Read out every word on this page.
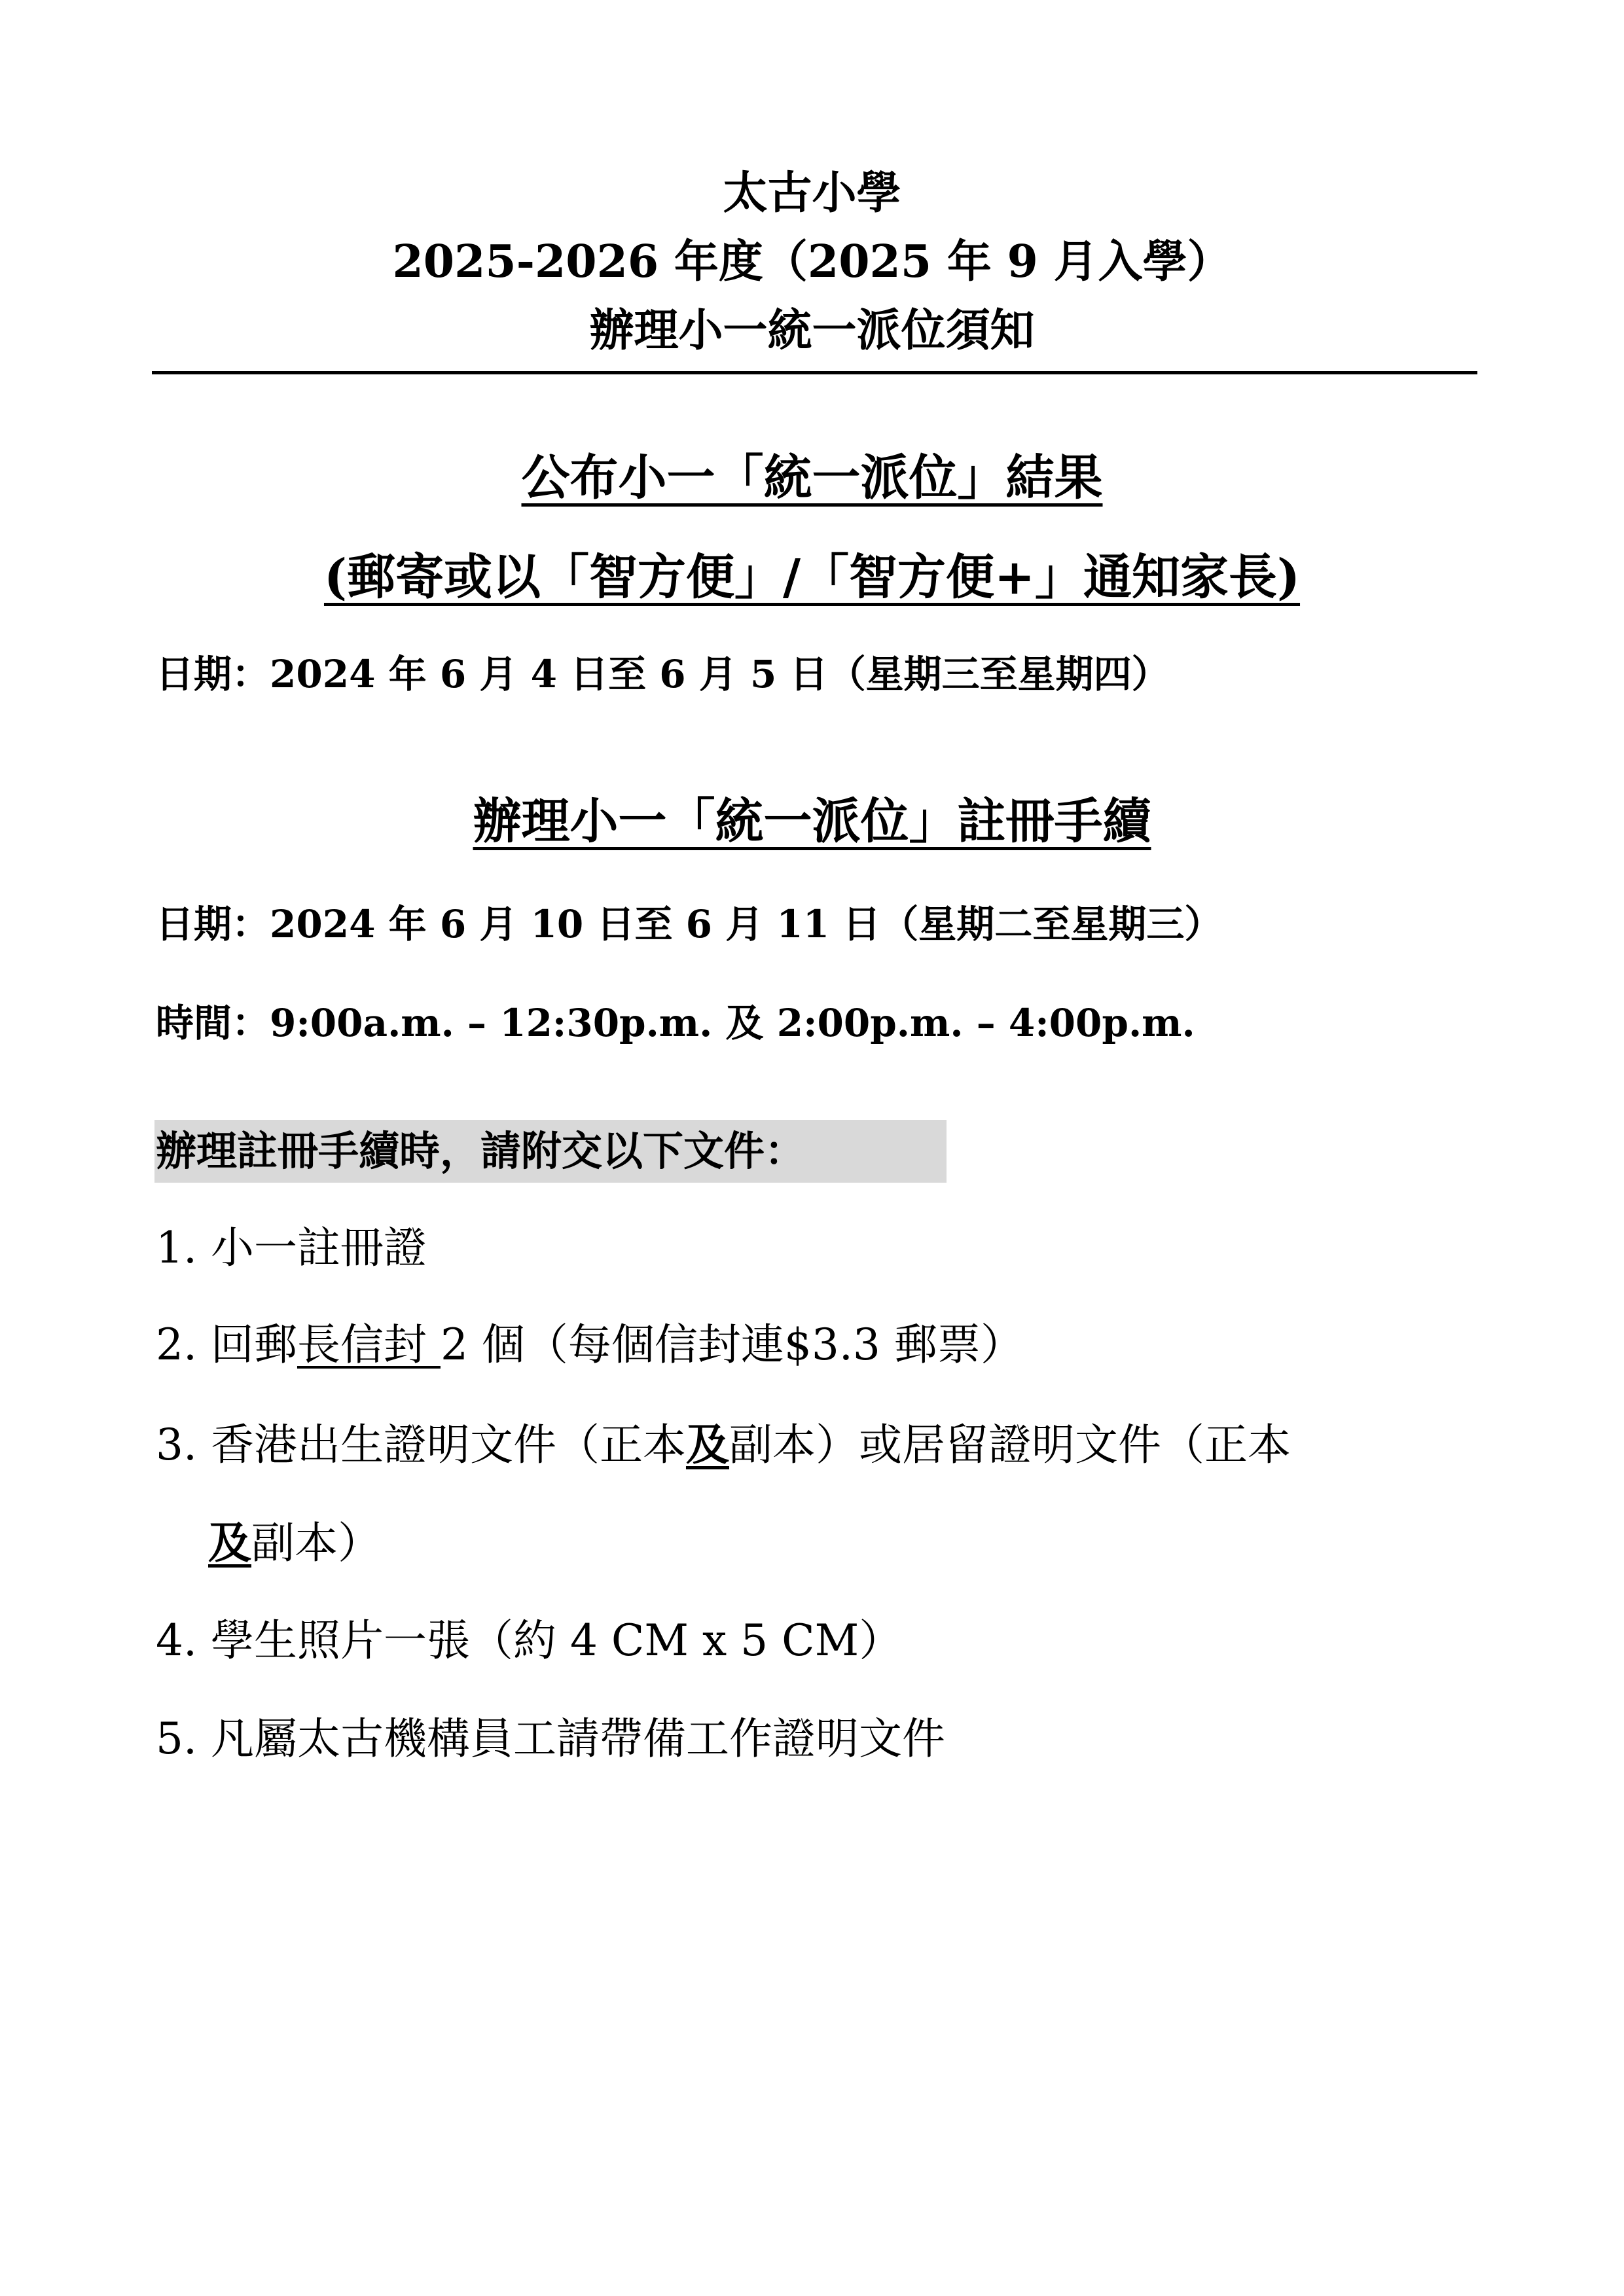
太古小學
2025-2026 年度（2025 年 9 月入學）
辦理小一統一派位須知
公布小一「統一派位」結果
(郵寄或以「智方便」/「智方便+」通知家長)
日期：2024 年 6 月 4 日至 6 月 5 日（星期三至星期四）
辦理小一「統一派位」註冊手續
日期：2024 年 6 月 10 日至 6 月 11 日（星期二至星期三）
時間：9:00a.m. – 12:30p.m. 及 2:00p.m. – 4:00p.m.
辦理註冊手續時，請附交以下文件：
1. 小一註冊證
2. 回郵長信封 2 個（每個信封連$3.3 郵票）
3. 香港出生證明文件（正本及副本）或居留證明文件（正本
及副本）
4. 學生照片一張（約 4 CM x 5 CM）
5. 凡屬太古機構員工請帶備工作證明文件
